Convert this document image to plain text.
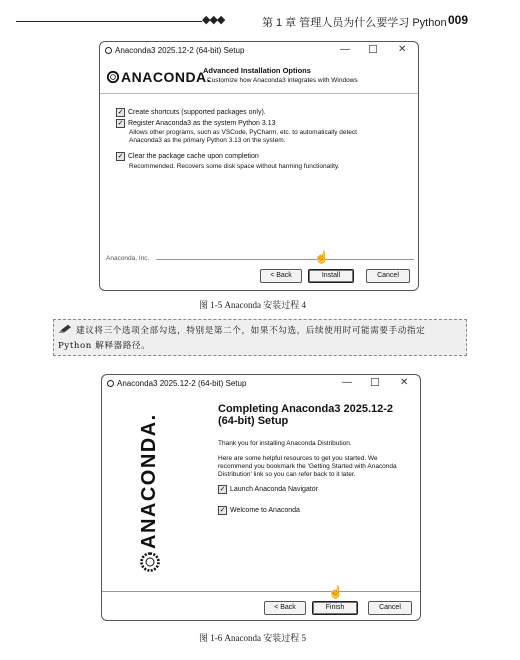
◆◆◆	第 1 章 管理人员为什么要学习 Python 009
Anaconda3 2025.12-2 (64-bit) Setup	— ☐ ✕
ANACONDA.
Advanced Installation Options
Customize how Anaconda3 integrates with Windows
✓ Create shortcuts (supported packages only).
✓ Register Anaconda3 as the system Python 3.13
Allows other programs, such as VSCode, PyCharm, etc. to automatically detect Anaconda3 as the primary Python 3.13 on the system.
✓ Clear the package cache upon completion
Recommended. Recovers some disk space without harming functionality.
Anaconda, Inc.	☝
< Back	Install	Cancel
图 1-5 Anaconda 安装过程 4
建议将三个选项全部勾选，特别是第二个，如果不勾选，后续使用时可能需要手动指定 Python 解释器路径。
Anaconda3 2025.12-2 (64-bit) Setup	— ☐ ✕
ANACONDA.
Completing Anaconda3 2025.12-2 (64-bit) Setup
Thank you for installing Anaconda Distribution.
Here are some helpful resources to get you started. We recommend you bookmark the 'Getting Started with Anaconda Distribution' link so you can refer back to it later.
✓ Launch Anaconda Navigator
✓ Welcome to Anaconda
☝
< Back	Finish	Cancel
图 1-6 Anaconda 安装过程 5
